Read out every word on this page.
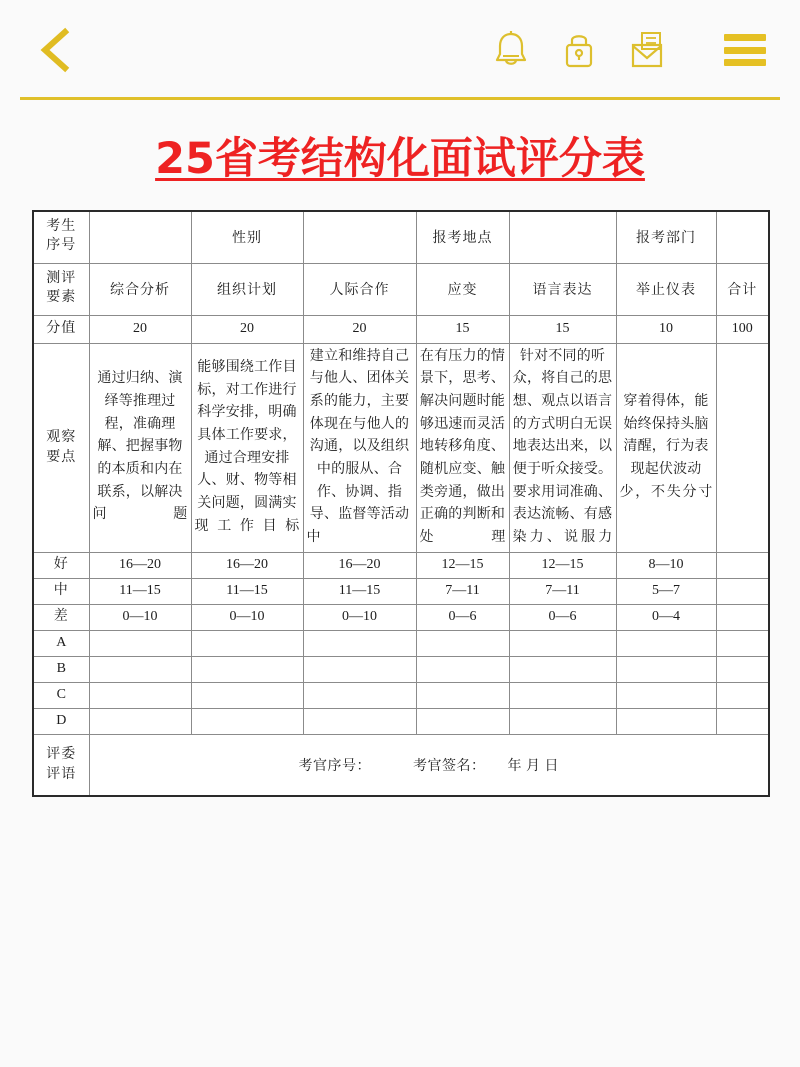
25省考结构化面试评分表
考生
序号		性别		报考地点		报考部门	

测评
要素	综合分析	组织计划	人际合作	应变	语言表达	举止仪表	合计
分值	20	20	20	15	15	10	100
观察 要点	通过归纳、演绎等推理过程，准确理解、把握事物的本质和内在联系，以解决问题	能够围绕工作目标，对工作进行科学安排，明确具体工作要求，通过合理安排人、财、物等相关问题，圆满实现工作目标	建立和维持自己与他人、团体关系的能力，主要体现在与他人的沟通，以及组织中的服从、合作、协调、指导、监督等活动中	在有压力的情景下，思考、解决问题时能够迅速而灵活地转移角度、随机应变、触类旁通，做出正确的判断和处理	针对不同的听众，将自己的思想、观点以语言的方式明白无误地表达出来，以便于听众接受。要求用词准确、表达流畅、有感染力、说服力	穿着得体，能始终保持头脑清醒，行为表现起伏波动少，不失分寸	
好	16—20	16—20	16—20	12—15	12—15	8—10	
中	11—15	11—15	11—15	7—11	7—11	5—7	
差	0—10	0—10	0—10	0—6	0—6	0—4	
A							
B							
C							
D							
评委 评语	考官序号： 考官签名： 年 月 日						
